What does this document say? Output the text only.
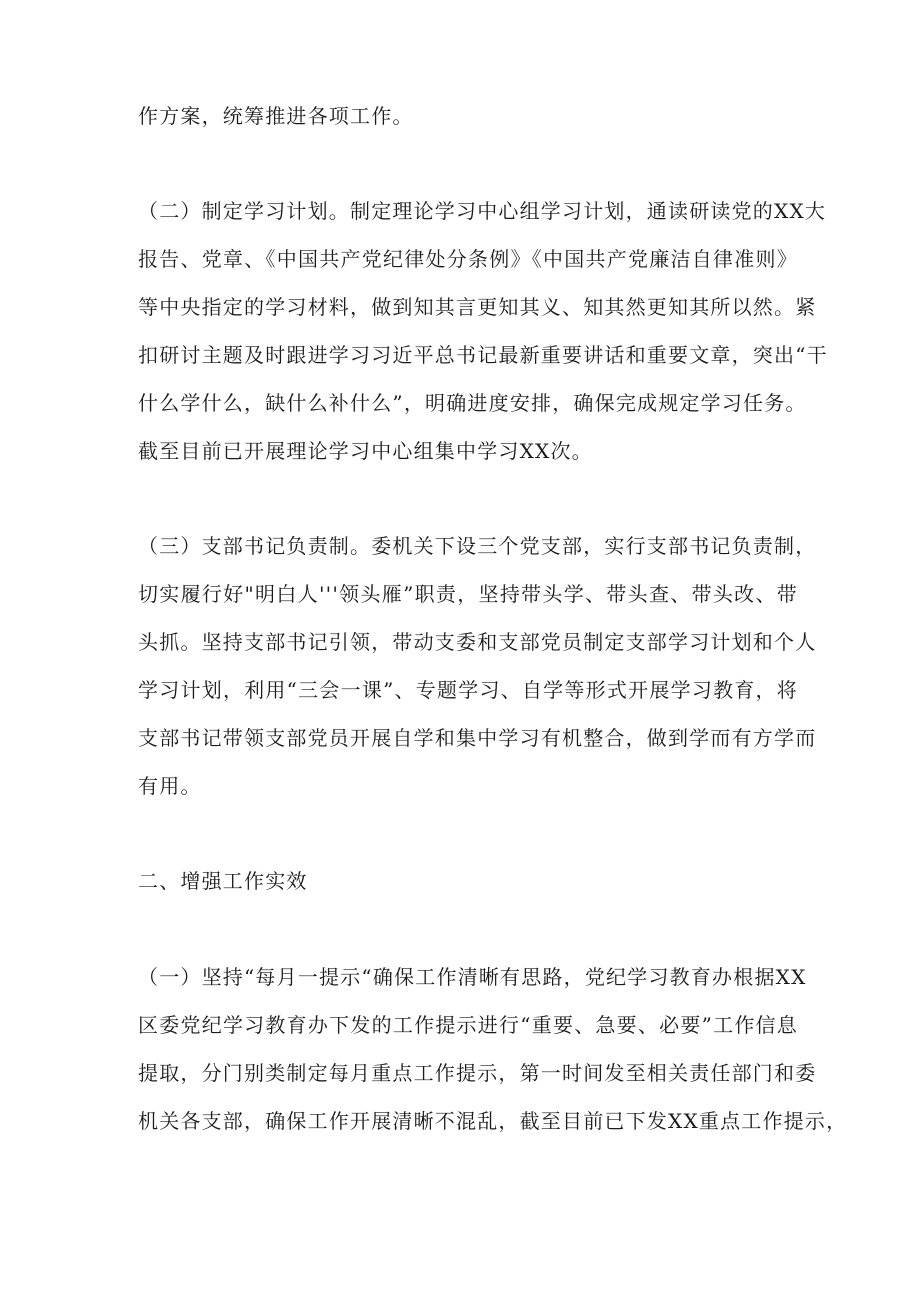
作方案，统筹推进各项工作。
（二）制定学习计划。制定理论学习中心组学习计划，通读研读党的XX大
报告、党章、《中国共产党纪律处分条例》《中国共产党廉洁自律准则》
等中央指定的学习材料，做到知其言更知其义、知其然更知其所以然。紧
扣研讨主题及时跟进学习习近平总书记最新重要讲话和重要文章，突出“干
什么学什么，缺什么补什么”，明确进度安排，确保完成规定学习任务。
截至目前已开展理论学习中心组集中学习XX次。
（三）支部书记负责制。委机关下设三个党支部，实行支部书记负责制，
切实履行好"明白人'''领头雁”职责，坚持带头学、带头查、带头改、带
头抓。坚持支部书记引领，带动支委和支部党员制定支部学习计划和个人
学习计划，利用“三会一课”、专题学习、自学等形式开展学习教育，将
支部书记带领支部党员开展自学和集中学习有机整合，做到学而有方学而
有用。
二、增强工作实效
（一）坚持“每月一提示“确保工作清晰有思路，党纪学习教育办根据XX
区委党纪学习教育办下发的工作提示进行“重要、急要、必要”工作信息
提取，分门别类制定每月重点工作提示，第一时间发至相关责任部门和委
机关各支部，确保工作开展清晰不混乱，截至目前已下发XX重点工作提示，
